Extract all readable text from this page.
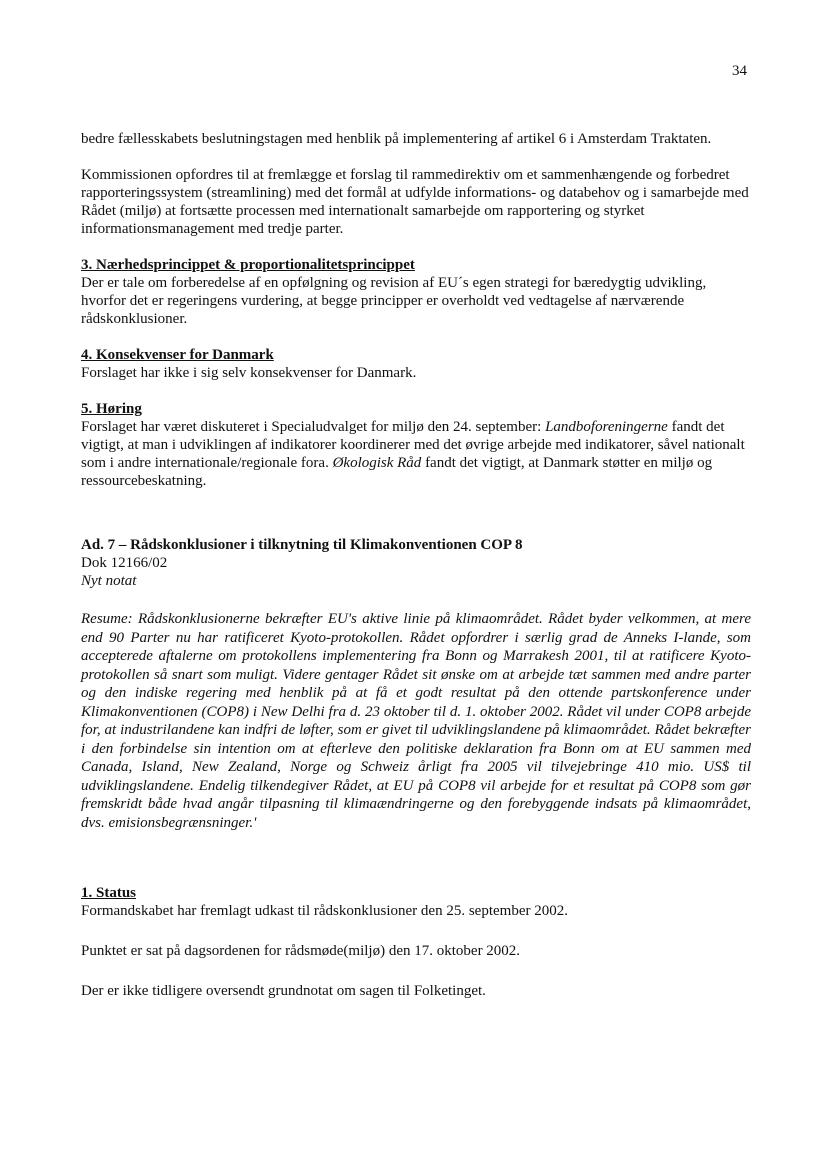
34

bedre fællesskabets beslutningstagen med henblik på implementering af artikel 6 i Amsterdam Traktaten.

Kommissionen opfordres til at fremlægge et forslag til rammedirektiv om et sammenhængende og forbedret rapporteringssystem (streamlining) med det formål at udfylde informations- og databehov og i samarbejde med Rådet (miljø) at fortsætte processen med internationalt samarbejde om rapportering og styrket informationsmanagement med tredje parter.

3. Nærhedsprincippet & proportionalitetsprincippet
Der er tale om forberedelse af en opfølgning og revision af EU´s egen strategi for bæredygtig udvikling, hvorfor det er regeringens vurdering, at begge principper er overholdt ved vedtagelse af nærværende rådskonklusioner.
4. Konsekvenser for Danmark
Forslaget har ikke i sig selv konsekvenser for Danmark.
5. Høring
Forslaget har været diskuteret i Specialudvalget for miljø den 24. september: Landboforeningerne fandt det vigtigt, at man i udviklingen af indikatorer koordinerer med det øvrige arbejde med indikatorer, såvel nationalt som i andre internationale/regionale fora. Økologisk Råd fandt det vigtigt, at Danmark støtter en miljø og ressourcebeskatning.
Ad. 7 – Rådskonklusioner i tilknytning til Klimakonventionen COP 8
Dok 12166/02
Nyt notat
Resume: Rådskonklusionerne bekræfter EU's aktive linie på klimaområdet. Rådet byder velkommen, at mere end 90 Parter nu har ratificeret Kyoto-protokollen. Rådet opfordrer i særlig grad de Anneks I-lande, som accepterede aftalerne om protokollens implementering fra Bonn og Marrakesh 2001, til at ratificere Kyoto-protokollen så snart som muligt. Videre gentager Rådet sit ønske om at arbejde tæt sammen med andre parter og den indiske regering med henblik på at få et godt resultat på den ottende partskonference under Klimakonventionen (COP8) i New Delhi fra d. 23 oktober til d. 1. oktober 2002. Rådet vil under COP8 arbejde for, at industrilandene kan indfri de løfter, som er givet til udviklingslandene på klimaområdet. Rådet bekræfter i den forbindelse sin intention om at efterleve den politiske deklaration fra Bonn om at EU sammen med Canada, Island, New Zealand, Norge og Schweiz årligt fra 2005 vil tilvejebringe 410 mio. US$ til udviklingslandene. Endelig tilkendegiver Rådet, at EU på COP8 vil arbejde for et resultat på COP8 som gør fremskridt både hvad angår tilpasning til klimaændringerne og den forebyggende indsats på klimaområdet, dvs. emisionsbegrænsninger.'
1. Status

Formandskabet har fremlagt udkast til rådskonklusioner den 25. september 2002.

Punktet er sat på dagsordenen for rådsmøde(miljø) den 17. oktober 2002.

Der er ikke tidligere oversendt grundnotat om sagen til Folketinget.
